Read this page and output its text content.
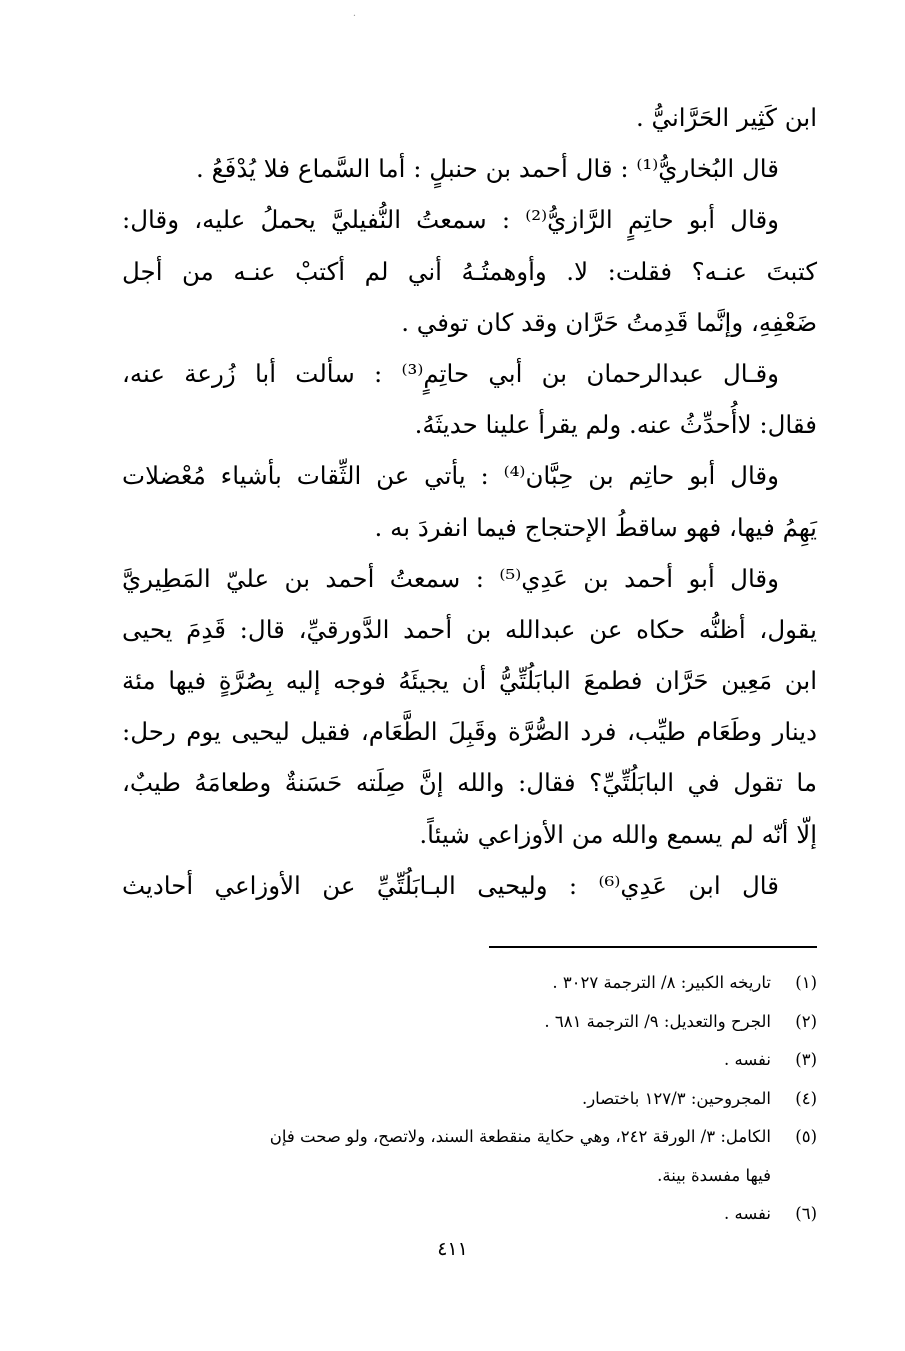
·
ابن كَثِير الحَرَّانيُّ .
قال البُخاريُّ⁽¹⁾ : قال أحمد بن حنبلٍ : أما السَّماع فلا يُدْفَعُ .
وقال أبو حاتِمٍ الرَّازيُّ⁽²⁾ : سمعتُ النُّفيليَّ يحملُ عليه، وقال:
كتبتَ عنـه؟ فقلت: لا. وأوهمتُـهُ أني لم أكتبْ عنـه من أجل
ضَعْفِهِ، وإنَّما قَدِمتُ حَرَّان وقد كان توفي .
وقـال عبدالرحمان بن أبي حاتِمٍ⁽³⁾ : سألت أبا زُرعة عنه،
فقال: لاأُحدِّثُ عنه. ولم يقرأ علينا حديثَهُ.
وقال أبو حاتِم بن حِبَّان⁽⁴⁾ : يأتي عن الثِّقات بأشياء مُعْضلات
يَهِمُ فيها، فهو ساقطُ الإحتجاج فيما انفردَ به .
وقال أبو أحمد بن عَدِي⁽⁵⁾ : سمعتُ أحمد بن عليّ المَطِيريَّ
يقول، أظنُّه حكاه عن عبدالله بن أحمد الدَّورقيِّ، قال: قَدِمَ يحيى
ابن مَعِين حَرَّان فطمعَ البابَلُتِّيُّ أن يجيئَهُ فوجه إليه بِصُرَّةٍ فيها مئة
دينار وطَعَام طيِّب، فرد الصُّرَّة وقَبِلَ الطَّعَام، فقيل ليحيى يوم رحل:
ما تقول في البابَلُتِّيِّ؟ فقال: والله إنَّ صِلَته حَسَنةٌ وطعامَهُ طيبٌ،
إلّا أنّه لم يسمع والله من الأوزاعي شيئاً.
قال ابن عَدِي⁽⁶⁾ : وليحيى البـابَلُتِّيِّ عن الأوزاعي أحاديث
(١)
تاريخه الكبير: ٨/ الترجمة ٣٠٢٧ .
(٢)
الجرح والتعديل: ٩/ الترجمة ٦٨١ .
(٣)
نفسه .
(٤)
المجروحين: ١٢٧/٣ باختصار.
(٥)
الكامل: ٣/ الورقة ٢٤٢، وهي حكاية منقطعة السند، ولاتصح، ولو صحت فإن
فيها مفسدة بينة.
(٦)
نفسه .
٤١١
